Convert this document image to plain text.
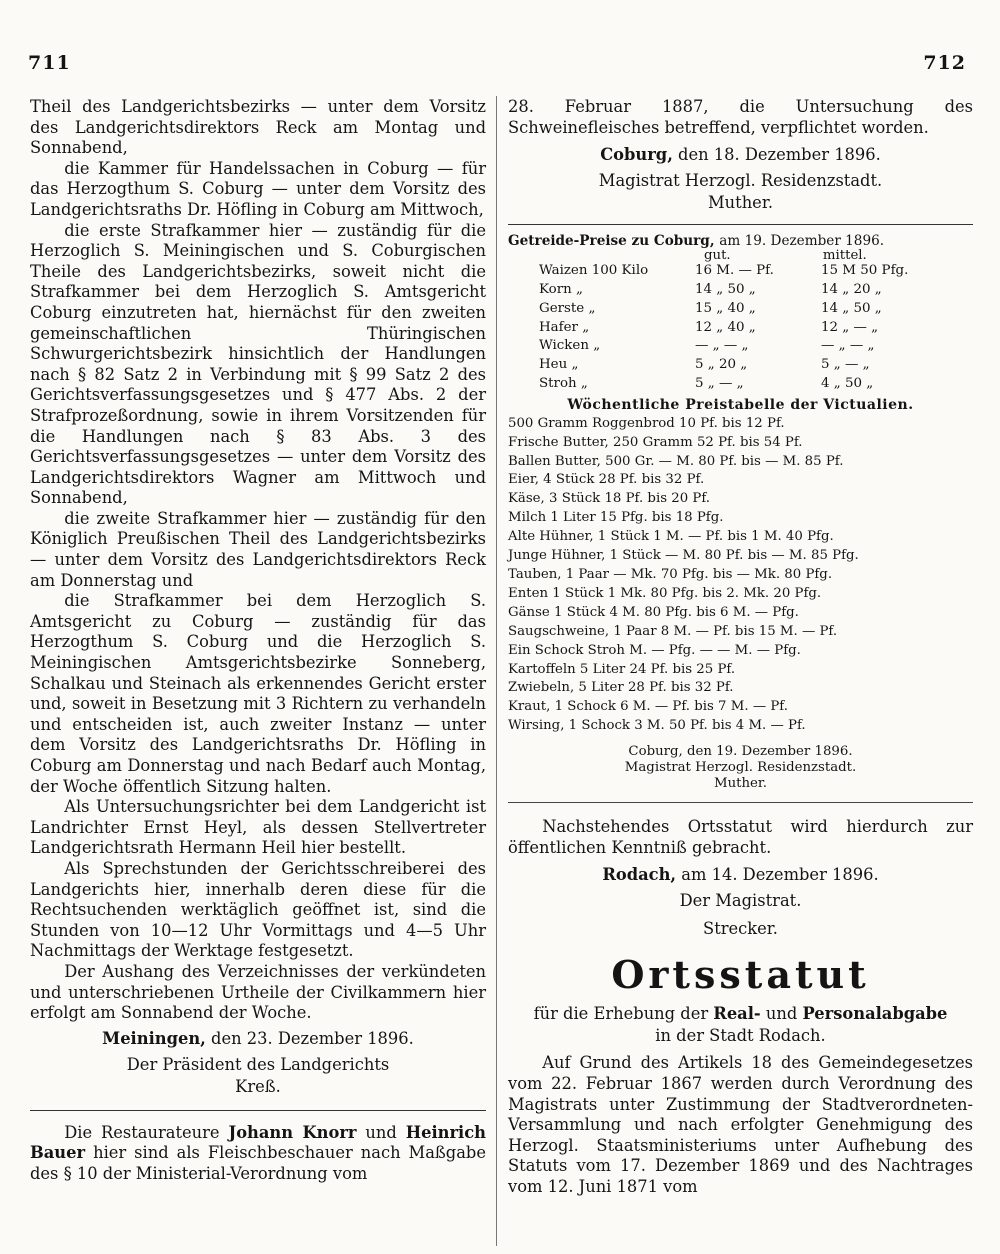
711	712

Theil des Landgerichtsbezirks — unter dem Vorsitz des Landgerichtsdirektors Reck am Montag und Sonnabend,

die Kammer für Handelssachen in Coburg — für das Herzogthum S. Coburg — unter dem Vorsitz des Landgerichtsraths Dr. Höfling in Coburg am Mittwoch,

die erste Strafkammer hier — zuständig für die Herzoglich S. Meiningischen und S. Coburgischen Theile des Landgerichtsbezirks, soweit nicht die Strafkammer bei dem Herzoglich S. Amtsgericht Coburg einzutreten hat, hiernächst für den zweiten gemeinschaftlichen Thüringischen Schwurgerichtsbezirk hinsichtlich der Handlungen nach § 82 Satz 2 in Verbindung mit § 99 Satz 2 des Gerichtsverfassungsgesetzes und § 477 Abs. 2 der Strafprozeßordnung, sowie in ihrem Vorsitzenden für die Handlungen nach § 83 Abs. 3 des Gerichtsverfassungsgesetzes — unter dem Vorsitz des Landgerichtsdirektors Wagner am Mittwoch und Sonnabend,

die zweite Strafkammer hier — zuständig für den Königlich Preußischen Theil des Landgerichtsbezirks — unter dem Vorsitz des Landgerichtsdirektors Reck am Donnerstag und

die Strafkammer bei dem Herzoglich S. Amtsgericht zu Coburg — zuständig für das Herzogthum S. Coburg und die Herzoglich S. Meiningischen Amtsgerichtsbezirke Sonneberg, Schalkau und Steinach als erkennendes Gericht erster und, soweit in Besetzung mit 3 Richtern zu verhandeln und entscheiden ist, auch zweiter Instanz — unter dem Vorsitz des Landgerichtsraths Dr. Höfling in Coburg am Donnerstag und nach Bedarf auch Montag, der Woche öffentlich Sitzung halten.

Als Untersuchungsrichter bei dem Landgericht ist Landrichter Ernst Heyl, als dessen Stellvertreter Landgerichtsrath Hermann Heil hier bestellt.

Als Sprechstunden der Gerichtsschreiberei des Landgerichts hier, innerhalb deren diese für die Rechtsuchenden werktäglich geöffnet ist, sind die Stunden von 10—12 Uhr Vormittags und 4—5 Uhr Nachmittags der Werktage festgesetzt.

Der Aushang des Verzeichnisses der verkündeten und unterschriebenen Urtheile der Civilkammern hier erfolgt am Sonnabend der Woche.

Meiningen, den 23. Dezember 1896.

Der Präsident des Landgerichts

Kreß.

Die Restaurateure Johann Knorr und Heinrich Bauer hier sind als Fleischbeschauer nach Maßgabe des § 10 der Ministerial-Verordnung vom

28. Februar 1887, die Untersuchung des Schweinefleisches betreffend, verpflichtet worden.

Coburg, den 18. Dezember 1896.

Magistrat Herzogl. Residenzstadt.

Muther.

Getreide-Preise zu Coburg, am 19. Dezember 1896.

gut.	mittel.
Waizen 100 Kilo	16 M. — Pf.	15 M 50 Pfg.
Korn „	14 „ 50 „	14 „ 20 „
Gerste „	15 „ 40 „	14 „ 50 „
Hafer „	12 „ 40 „	12 „ — „
Wicken „	— „ — „	— „ — „
Heu „	5 „ 20 „	5 „ — „
Stroh „	5 „ — „	4 „ 50 „

Wöchentliche Preistabelle der Victualien.

500 Gramm Roggenbrod 10 Pf. bis 12 Pf.
Frische Butter, 250 Gramm 52 Pf. bis 54 Pf.
Ballen Butter, 500 Gr. — M. 80 Pf. bis — M. 85 Pf.
Eier, 4 Stück 28 Pf. bis 32 Pf.
Käse, 3 Stück 18 Pf. bis 20 Pf.
Milch 1 Liter 15 Pfg. bis 18 Pfg.
Alte Hühner, 1 Stück 1 M. — Pf. bis 1 M. 40 Pfg.
Junge Hühner, 1 Stück — M. 80 Pf. bis — M. 85 Pfg.
Tauben, 1 Paar — Mk. 70 Pfg. bis — Mk. 80 Pfg.
Enten 1 Stück 1 Mk. 80 Pfg. bis 2. Mk. 20 Pfg.
Gänse 1 Stück 4 M. 80 Pfg. bis 6 M. — Pfg.
Saugschweine, 1 Paar 8 M. — Pf. bis 15 M. — Pf.
Ein Schock Stroh M. — Pfg. — — M. — Pfg.
Kartoffeln 5 Liter 24 Pf. bis 25 Pf.
Zwiebeln, 5 Liter 28 Pf. bis 32 Pf.
Kraut, 1 Schock 6 M. — Pf. bis 7 M. — Pf.
Wirsing, 1 Schock 3 M. 50 Pf. bis 4 M. — Pf.

Coburg, den 19. Dezember 1896.

Magistrat Herzogl. Residenzstadt.

Muther.

Nachstehendes Ortsstatut wird hierdurch zur öffentlichen Kenntniß gebracht.

Rodach, am 14. Dezember 1896.

Der Magistrat.

Strecker.

Ortsstatut

für die Erhebung der Real- und Personalabgabe

in der Stadt Rodach.

Auf Grund des Artikels 18 des Gemeindegesetzes vom 22. Februar 1867 werden durch Verordnung des Magistrats unter Zustimmung der Stadtverordneten-Versammlung und nach erfolgter Genehmigung des Herzogl. Staatsministeriums unter Aufhebung des Statuts vom 17. Dezember 1869 und des Nachtrages vom 12. Juni 1871 vom
